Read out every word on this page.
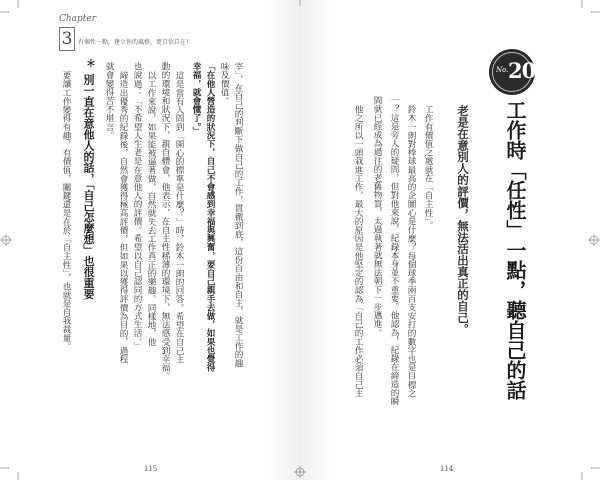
Chapter
3 有個性一點，建立你的風格，更自信自在！
No. 20
工作時「任性」一點，聽自己的話
老是在意別人的評價，無法活出真正的自己。
工作有價值之處就在「自主性」。
鈴木一朗對棒球最高的企圖心是什麼？每個球季兩百支安打的數字也是目標之
一？這是旁人的疑問，但對他來說，紀錄本身並不重要。他認為，紀錄在締造的瞬
間就已經成為過往的老舊物質，太過執著就無法朝下一步邁進。
他之所以一頭栽進工作，最大的原因是他堅定的認為「自己的工作必須自己主
宰」，在自己的判斷下做自己的工作，貫徹到底，這份自由和自主，就是工作的趣
味及價值。
「在他人營造的狀況下，自己不會感到幸福與興奮，要自己親手去做，如果也覺得
幸福，就會懂了。」
這是當有人問到「開心的標準是什麼？」時，鈴木一朗的回答。希望在自己主
動的環境和狀況下，親自體會，他表示，在自主性稀薄的環境下，無法感受到幸福。
以工作來說，如果能被逼著做，自然就失去工作真正的樂趣。同樣地，他
也說過：「不希望人生老是在意他人的評價。希望以自己認同的方式生活。」
締造出優秀的紀錄後，自然會獲得極高評價，但如果以獲得評價為目的，過程
就會變得苦不堪言。
＊
別一直在意他人的話，「自己怎麼想」也很重要
要讓工作變得有趣，有價值，關鍵還是在於「自主性」，也就是自我裁量。
115	114
